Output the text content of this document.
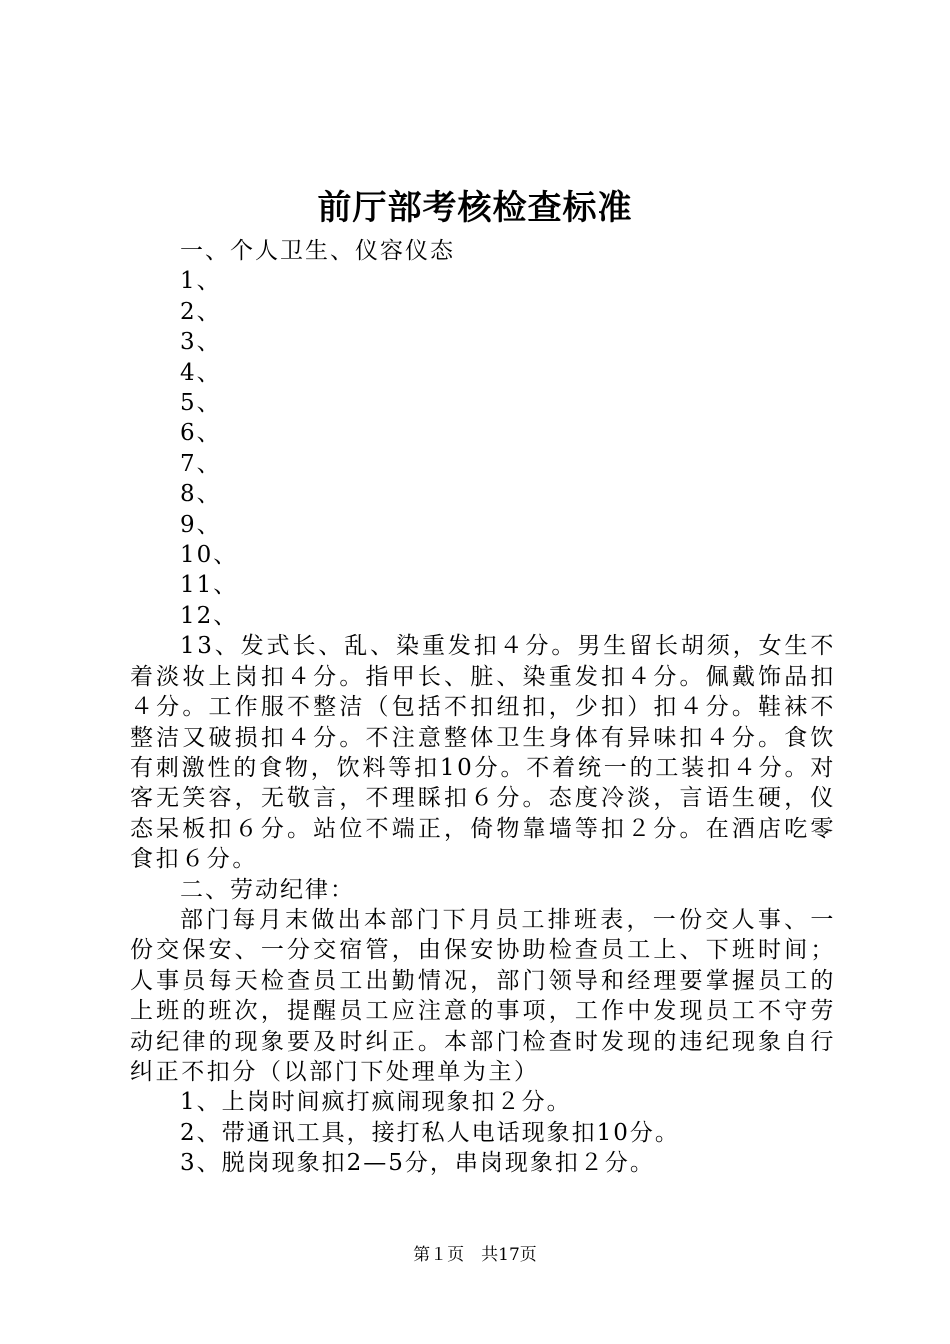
前厅部考核检查标准

一、个人卫生、仪容仪态

1、

2、

3、

4、

5、

6、

7、

8、

9、

10、

11、

12、

13、发式长、乱、染重发扣４分。男生留长胡须，女生不着淡妆上岗扣４分。指甲长、脏、染重发扣４分。佩戴饰品扣４分。工作服不整洁（包括不扣纽扣，少扣）扣４分。鞋袜不整洁又破损扣４分。不注意整体卫生身体有异味扣４分。食饮有刺激性的食物，饮料等扣10分。不着统一的工装扣４分。对客无笑容，无敬言，不理睬扣６分。态度冷淡，言语生硬，仪态呆板扣６分。站位不端正，倚物靠墙等扣２分。在酒店吃零食扣６分。

二、劳动纪律：

部门每月末做出本部门下月员工排班表，一份交人事、一份交保安、一分交宿管，由保安协助检查员工上、下班时间；人事员每天检查员工出勤情况，部门领导和经理要掌握员工的上班的班次，提醒员工应注意的事项，工作中发现员工不守劳动纪律的现象要及时纠正。本部门检查时发现的违纪现象自行纠正不扣分（以部门下处理单为主）

1、上岗时间疯打疯闹现象扣２分。

2、带通讯工具，接打私人电话现象扣10分。

3、脱岗现象扣2—5分，串岗现象扣２分。

第１页　共17页
